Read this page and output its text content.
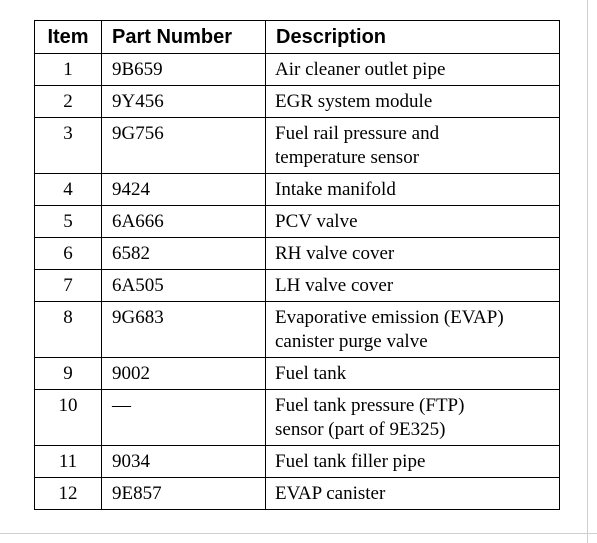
Item	Part Number	Description
1	9B659	Air cleaner outlet pipe

2	9Y456	EGR system module

3	9G756	Fuel rail pressure and
temperature sensor

4	9424	Intake manifold

5	6A666	PCV valve

6	6582	RH valve cover

7	6A505	LH valve cover

8	9G683	Evaporative emission (EVAP)
canister purge valve

9	9002	Fuel tank

10	—	Fuel tank pressure (FTP)
sensor (part of 9E325)

11	9034	Fuel tank filler pipe

12	9E857	EVAP canister
